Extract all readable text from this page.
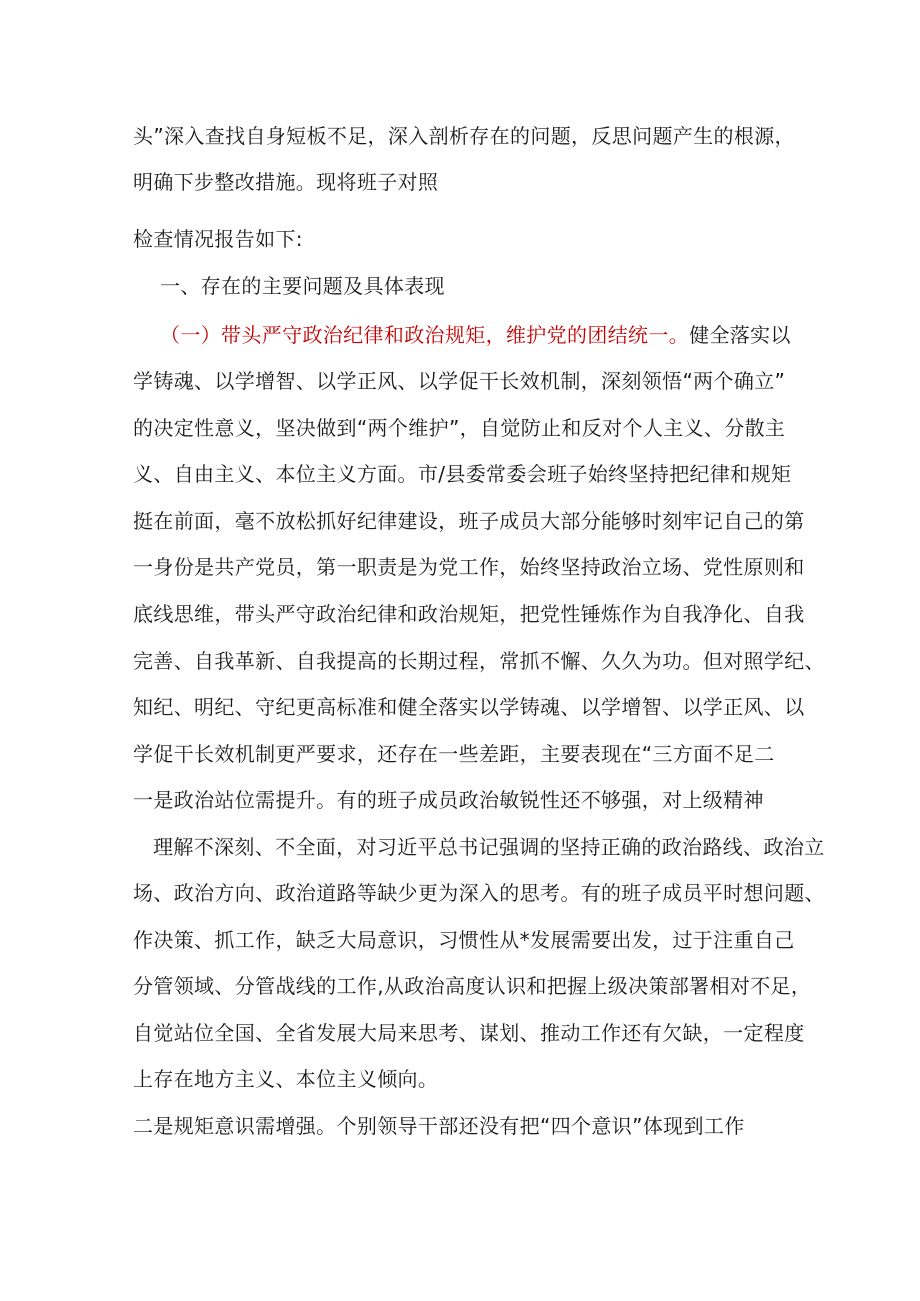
头”深入查找自身短板不足，深入剖析存在的问题，反思问题产生的根源，
明确下步整改措施。现将班子对照
检查情况报告如下:
一、存在的主要问题及具体表现
（一）带头严守政治纪律和政治规矩，维护党的团结统一。健全落实以
学铸魂、以学增智、以学正风、以学促干长效机制，深刻领悟“两个确立”
的决定性意义，坚决做到“两个维护”，自觉防止和反对个人主义、分散主
义、自由主义、本位主义方面。市/县委常委会班子始终坚持把纪律和规矩
挺在前面，毫不放松抓好纪律建设，班子成员大部分能够时刻牢记自己的第
一身份是共产党员，第一职责是为党工作，始终坚持政治立场、党性原则和
底线思维，带头严守政治纪律和政治规矩，把党性锤炼作为自我净化、自我
完善、自我革新、自我提高的长期过程，常抓不懈、久久为功。但对照学纪、
知纪、明纪、守纪更高标准和健全落实以学铸魂、以学增智、以学正风、以
学促干长效机制更严要求，还存在一些差距，主要表现在“三方面不足二
一是政治站位需提升。有的班子成员政治敏锐性还不够强，对上级精神
理解不深刻、不全面，对习近平总书记强调的坚持正确的政治路线、政治立
场、政治方向、政治道路等缺少更为深入的思考。有的班子成员平时想问题、
作决策、抓工作，缺乏大局意识，习惯性从*发展需要出发，过于注重自己
分管领域、分管战线的工作,从政治高度认识和把握上级决策部署相对不足，
自觉站位全国、全省发展大局来思考、谋划、推动工作还有欠缺，一定程度
上存在地方主义、本位主义倾向。
二是规矩意识需增强。个别领导干部还没有把“四个意识”体现到工作
